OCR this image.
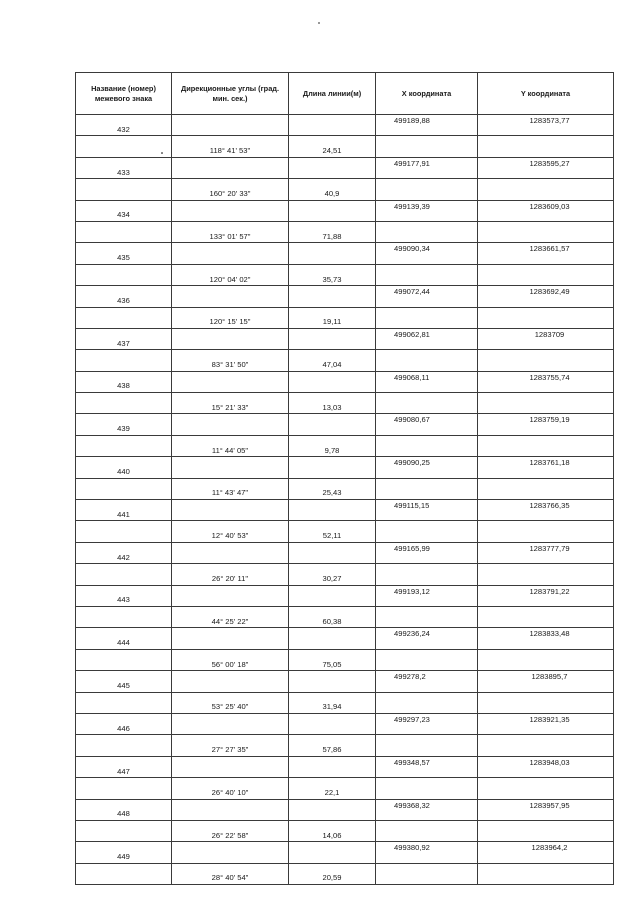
Название (номер) межевого знака	Дирекционные углы (град. мин. сек.)	Длина линии(м)	X координата	Y координата
432			499189,88	1283573,77
	118° 41' 53"	24,51		
433			499177,91	1283595,27
	160° 20' 33"	40,9		
434			499139,39	1283609,03
	133° 01' 57"	71,88		
435			499090,34	1283661,57
	120° 04' 02"	35,73		
436			499072,44	1283692,49
	120° 15' 15"	19,11		
437			499062,81	1283709
	83° 31' 50"	47,04		
438			499068,11	1283755,74
	15° 21' 33"	13,03		
439			499080,67	1283759,19
	11° 44' 05"	9,78		
440			499090,25	1283761,18
	11° 43' 47"	25,43		
441			499115,15	1283766,35
	12° 40' 53"	52,11		
442			499165,99	1283777,79
	26° 20' 11"	30,27		
443			499193,12	1283791,22
	44° 25' 22"	60,38		
444			499236,24	1283833,48
	56° 00' 18"	75,05		
445			499278,2	1283895,7
	53° 25' 40"	31,94		
446			499297,23	1283921,35
	27° 27' 35"	57,86		
447			499348,57	1283948,03
	26° 40' 10"	22,1		
448			499368,32	1283957,95
	26° 22' 58"	14,06		
449			499380,92	1283964,2
	28° 40' 54"	20,59		
